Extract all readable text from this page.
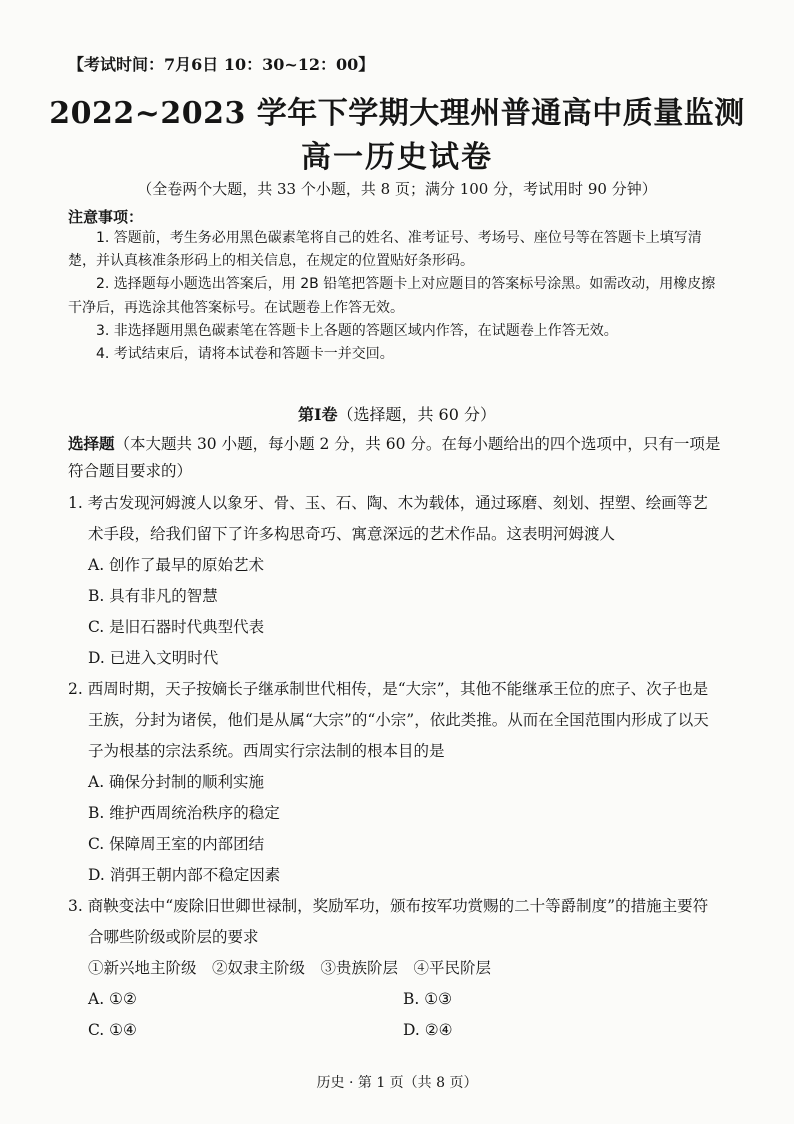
【考试时间：7月6日 10：30~12：00】
2022~2023 学年下学期大理州普通高中质量监测
高一历史试卷
（全卷两个大题，共 33 个小题，共 8 页；满分 100 分，考试用时 90 分钟）
注意事项：

1. 答题前，考生务必用黑色碳素笔将自己的姓名、准考证号、考场号、座位号等在答题卡上填写清楚，并认真核准条形码上的相关信息，在规定的位置贴好条形码。

2. 选择题每小题选出答案后，用 2B 铅笔把答题卡上对应题目的答案标号涂黑。如需改动，用橡皮擦干净后，再选涂其他答案标号。在试题卷上作答无效。

3. 非选择题用黑色碳素笔在答题卡上各题的答题区域内作答，在试题卷上作答无效。

4. 考试结束后，请将本试卷和答题卡一并交回。

第Ⅰ卷（选择题，共 60 分）
选择题（本大题共 30 小题，每小题 2 分，共 60 分。在每小题给出的四个选项中，只有一项是符合题目要求的）

1. 考古发现河姆渡人以象牙、骨、玉、石、陶、木为载体，通过琢磨、刻划、捏塑、绘画等艺术手段，给我们留下了许多构思奇巧、寓意深远的艺术作品。这表明河姆渡人

A. 创作了最早的原始艺术

B. 具有非凡的智慧

C. 是旧石器时代典型代表

D. 已进入文明时代

2. 西周时期，天子按嫡长子继承制世代相传，是“大宗”，其他不能继承王位的庶子、次子也是王族，分封为诸侯，他们是从属“大宗”的“小宗”，依此类推。从而在全国范围内形成了以天子为根基的宗法系统。西周实行宗法制的根本目的是

A. 确保分封制的顺利实施

B. 维护西周统治秩序的稳定

C. 保障周王室的内部团结

D. 消弭王朝内部不稳定因素

3. 商鞅变法中“废除旧世卿世禄制，奖励军功，颁布按军功赏赐的二十等爵制度”的措施主要符合哪些阶级或阶层的要求

①新兴地主阶级　②奴隶主阶级　③贵族阶层　④平民阶层

A. ①②	B. ①③
C. ①④	D. ②④
历史 · 第 1 页（共 8 页）
